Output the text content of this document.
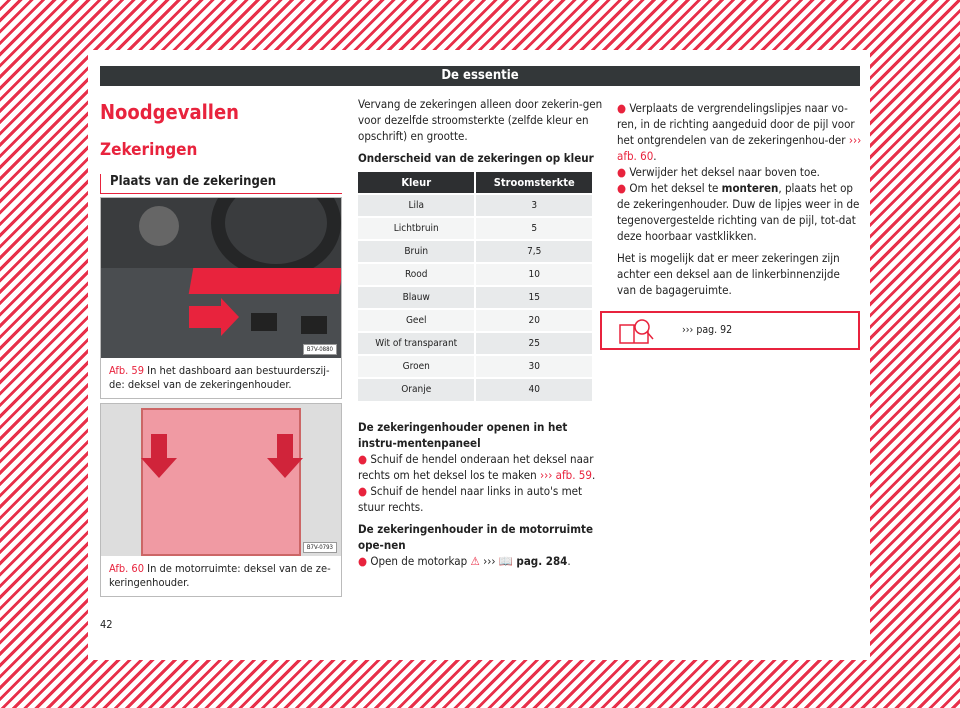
De essentie
Noodgevallen
Zekeringen
Plaats van de zekeringen
B7V-0880
Afb. 59 In het dashboard aan bestuurderszij-de: deksel van de zekeringenhouder.
B7V-0793
Afb. 60 In de motorruimte: deksel van de ze-keringenhouder.

Vervang de zekeringen alleen door zekerin-gen voor dezelfde stroomsterkte (zelfde kleur en opschrift) en grootte.

Onderscheid van de zekeringen op kleur

Kleur	Stroomsterkte
Lila	3
Lichtbruin	5
Bruin	7,5
Rood	10
Blauw	15
Geel	20
Wit of transparant	25
Groen	30
Oranje	40

De zekeringenhouder openen in het instru-mentenpaneel

● Schuif de hendel onderaan het deksel naar rechts om het deksel los te maken ››› afb. 59.

● Schuif de hendel naar links in auto's met stuur rechts.

De zekeringenhouder in de motorruimte ope-nen

● Open de motorkap ⚠ ››› 📖 pag. 284.

● Verplaats de vergrendelingslipjes naar vo-ren, in de richting aangeduid door de pijl voor het ontgrendelen van de zekeringenhou-der ››› afb. 60.

● Verwijder het deksel naar boven toe.

● Om het deksel te monteren, plaats het op de zekeringenhouder. Duw de lipjes weer in de tegenovergestelde richting van de pijl, tot-dat deze hoorbaar vastklikken.

Het is mogelijk dat er meer zekeringen zijn achter een deksel aan de linkerbinnenzijde van de bagageruimte.

››› pag. 92
42
